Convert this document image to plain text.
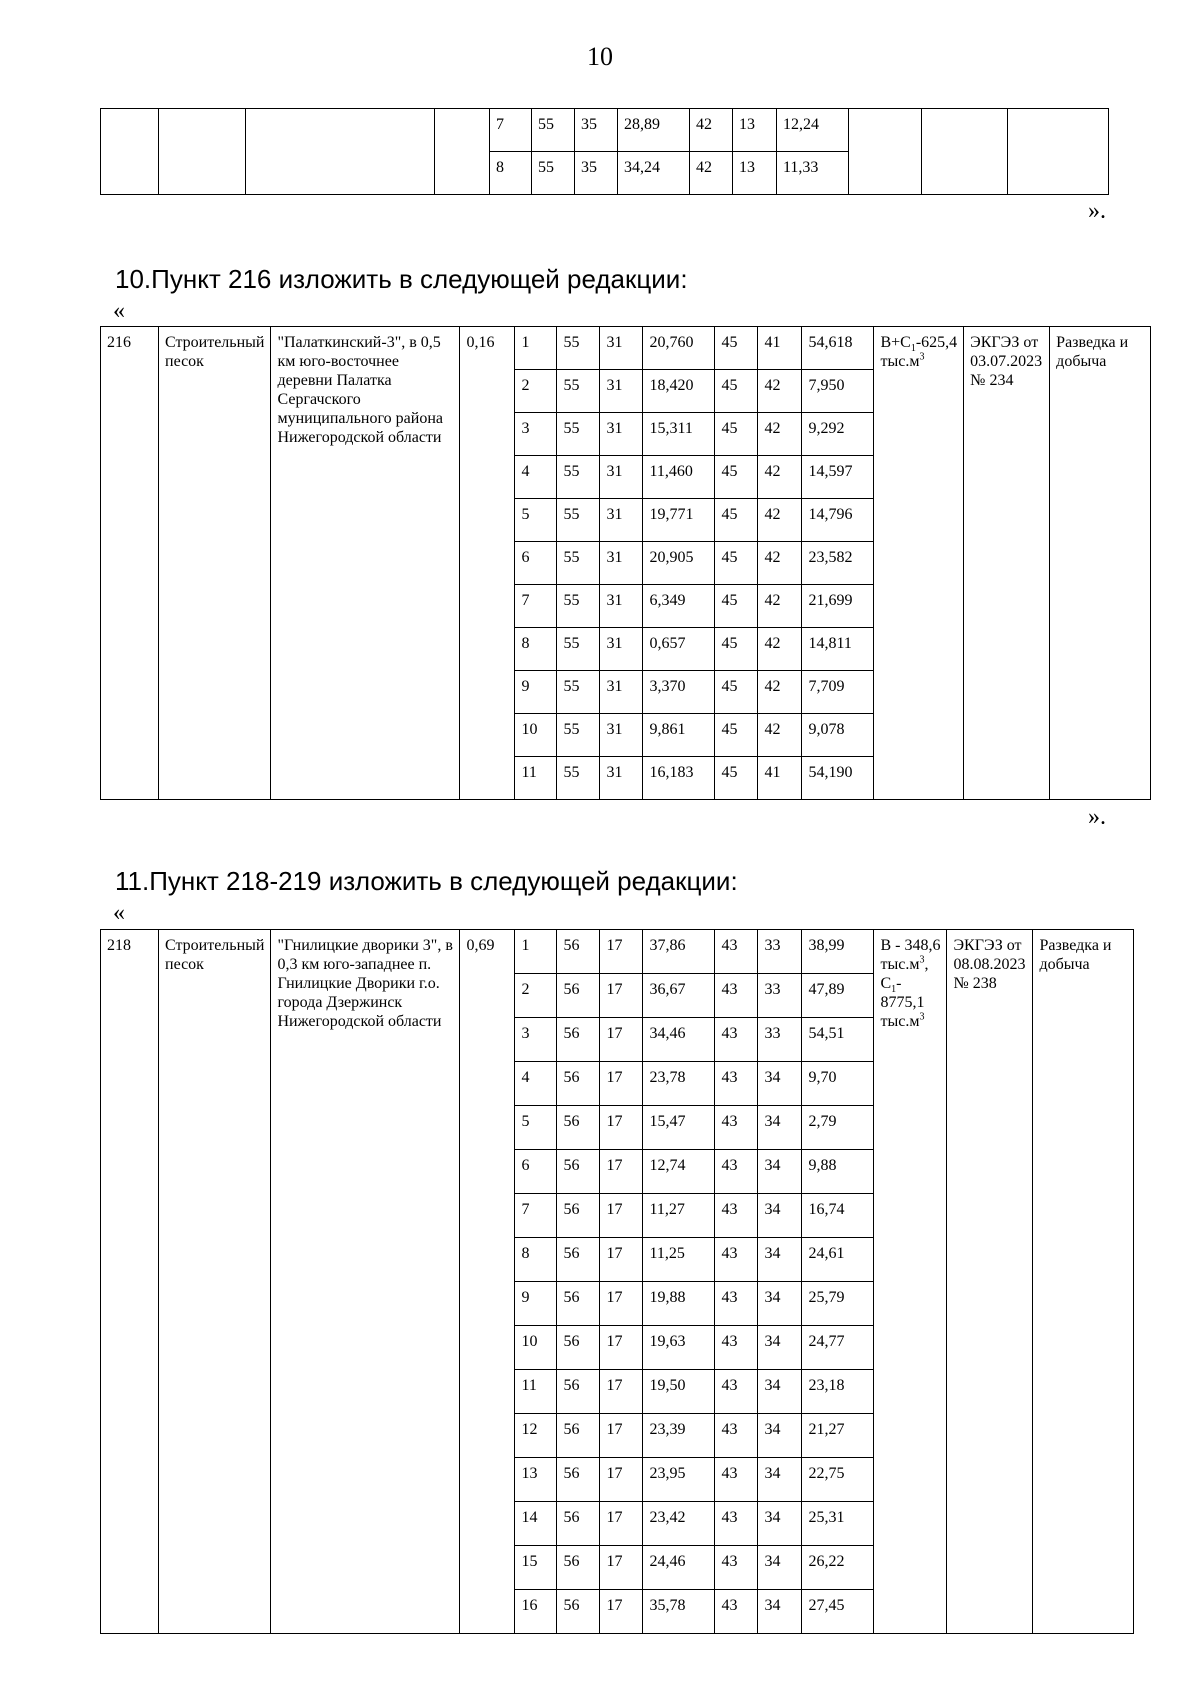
10
				7	55	35	28,89	42	13	12,24			
				8	55	35	34,24	42	13	11,33			
».
10.Пункт 216 изложить в следующей редакции:
«
216	Строительный песок	"Палаткинский-3", в 0,5 км юго-восточнее деревни Палатка Сергачского муниципального района Нижегородской области	0,16	1	55	31	20,760	45	41	54,618	$B+C_1-625,4$ $тыс.м^3$	ЭКГЭЗ от 03.07.2023 № 234	Разведка и добыча
				2	55	31	18,420	45	42	7,950			
				3	55	31	15,311	45	42	9,292			
				4	55	31	11,460	45	42	14,597			
				5	55	31	19,771	45	42	14,796			
				6	55	31	20,905	45	42	23,582			
				7	55	31	6,349	45	42	21,699			
				8	55	31	0,657	45	42	14,811			
				9	55	31	3,370	45	42	7,709			
				10	55	31	9,861	45	42	9,078			
				11	55	31	16,183	45	41	54,190			
».
11.Пункт 218-219 изложить в следующей редакции:
«
218	Строительный песок	"Гнилицкие дворики 3", в 0,3 км юго-западнее п. Гнилицкие Дворики г.о. города Дзержинск Нижегородской области	0,69	1	56	17	37,86	43	33	38,99	B - 348,6 $тыс.м^3$, $C_1-$ 8775,1 $тыс.м^3$	ЭКГЭЗ от 08.08.2023 № 238	Разведка и добыча
				2	56	17	36,67	43	33	47,89			
				3	56	17	34,46	43	33	54,51			
				4	56	17	23,78	43	34	9,70			
				5	56	17	15,47	43	34	2,79			
				6	56	17	12,74	43	34	9,88			
				7	56	17	11,27	43	34	16,74			
				8	56	17	11,25	43	34	24,61			
				9	56	17	19,88	43	34	25,79			
				10	56	17	19,63	43	34	24,77			
				11	56	17	19,50	43	34	23,18			
				12	56	17	23,39	43	34	21,27			
				13	56	17	23,95	43	34	22,75			
				14	56	17	23,42	43	34	25,31			
				15	56	17	24,46	43	34	26,22			
				16	56	17	35,78	43	34	27,45			
